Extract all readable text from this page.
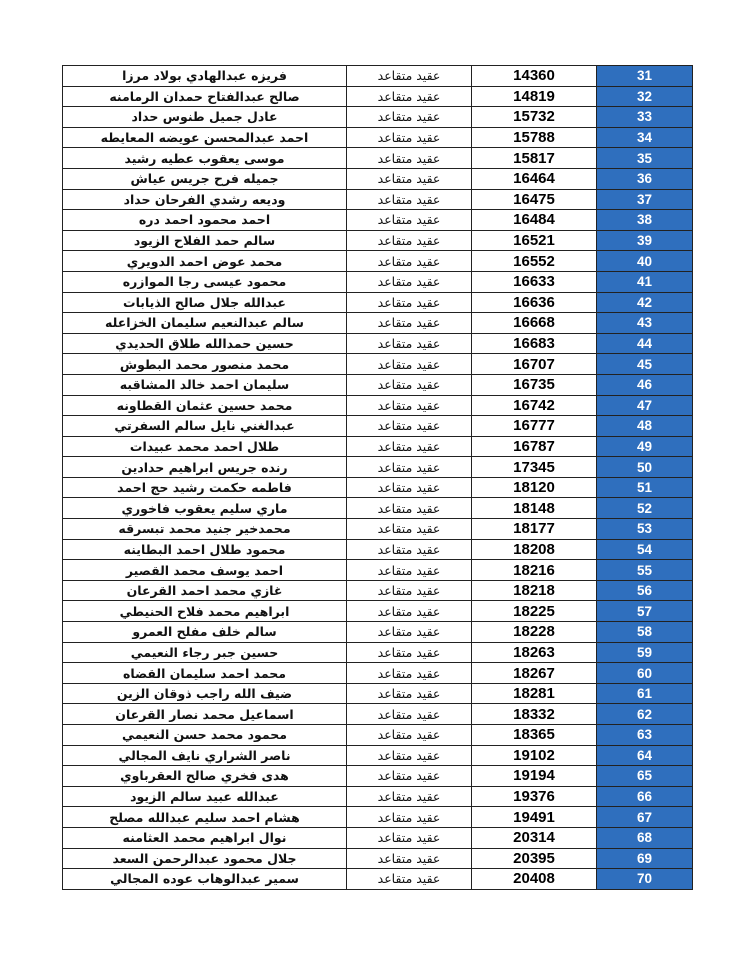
فريزه عبدالهادي بولاد مرزا	عقيد متقاعد	14360	31
صالح عبدالفتاح حمدان الرمامنه	عقيد متقاعد	14819	32
عادل جميل طنوس حداد	عقيد متقاعد	15732	33
احمد عبدالمحسن عويضه المعايطه	عقيد متقاعد	15788	34
موسى يعقوب عطيه رشيد	عقيد متقاعد	15817	35
جميله فرح جريس عياش	عقيد متقاعد	16464	36
وديعه رشدي الفرحان حداد	عقيد متقاعد	16475	37
احمد محمود احمد دره	عقيد متقاعد	16484	38
سالم حمد الفلاح الزيود	عقيد متقاعد	16521	39
محمد عوض احمد الدويري	عقيد متقاعد	16552	40
محمود عيسى رجا الموازره	عقيد متقاعد	16633	41
عبدالله جلال صالح الذيابات	عقيد متقاعد	16636	42
سالم عبدالنعيم سليمان الخزاعله	عقيد متقاعد	16668	43
حسين حمدالله طلاق الحديدي	عقيد متقاعد	16683	44
محمد منصور محمد البطوش	عقيد متقاعد	16707	45
سليمان احمد خالد المشاقبه	عقيد متقاعد	16735	46
محمد حسين عثمان القطاونه	عقيد متقاعد	16742	47
عبدالغني نايل سالم السفرتي	عقيد متقاعد	16777	48
طلال احمد محمد عبيدات	عقيد متقاعد	16787	49
رنده جريس ابراهيم حدادين	عقيد متقاعد	17345	50
فاطمه حكمت رشيد حج احمد	عقيد متقاعد	18120	51
ماري سليم يعقوب فاخوري	عقيد متقاعد	18148	52
محمدخير جنيد محمد تبسرقه	عقيد متقاعد	18177	53
محمود طلال احمد البطاينه	عقيد متقاعد	18208	54
احمد يوسف محمد القصير	عقيد متقاعد	18216	55
غازي محمد احمد القرعان	عقيد متقاعد	18218	56
ابراهيم محمد فلاح الحنيطي	عقيد متقاعد	18225	57
سالم خلف مفلح العمرو	عقيد متقاعد	18228	58
حسين جبر رجاء النعيمي	عقيد متقاعد	18263	59
محمد احمد سليمان القضاه	عقيد متقاعد	18267	60
ضيف الله راجب ذوقان الزين	عقيد متقاعد	18281	61
اسماعيل محمد نصار القرعان	عقيد متقاعد	18332	62
محمود محمد حسن النعيمي	عقيد متقاعد	18365	63
ناصر الشراري نايف المجالي	عقيد متقاعد	19102	64
هدى فخري صالح العقرباوي	عقيد متقاعد	19194	65
عبدالله عبيد سالم الزيود	عقيد متقاعد	19376	66
هشام احمد سليم عبدالله مصلح	عقيد متقاعد	19491	67
نوال ابراهيم محمد العثامنه	عقيد متقاعد	20314	68
جلال محمود عبدالرحمن السعد	عقيد متقاعد	20395	69
سمير عبدالوهاب عوده المجالي	عقيد متقاعد	20408	70
